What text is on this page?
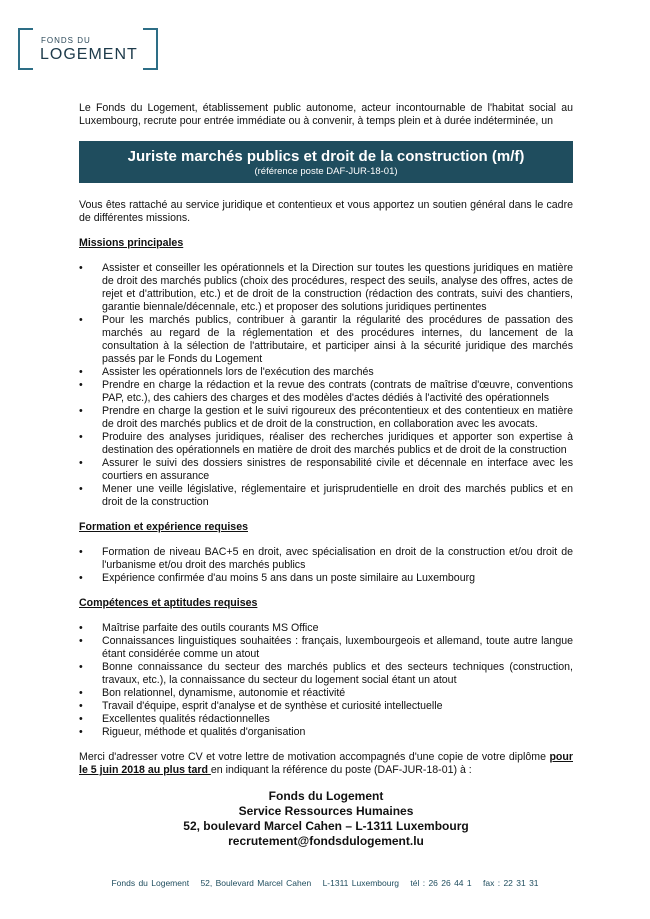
FONDS DU
LOGEMENT

Le Fonds du Logement, établissement public autonome, acteur incontournable de l'habitat social au Luxembourg, recrute pour entrée immédiate ou à convenir, à temps plein et à durée indéterminée, un

Juriste marchés publics et droit de la construction (m/f)
(référence poste DAF-JUR-18-01)

Vous êtes rattaché au service juridique et contentieux et vous apportez un soutien général dans le cadre de différentes missions.

Missions principales
• Assister et conseiller les opérationnels et la Direction sur toutes les questions juridiques en matière de droit des marchés publics (choix des procédures, respect des seuils, analyse des offres, actes de rejet et d'attribution, etc.) et de droit de la construction (rédaction des contrats, suivi des chantiers, garantie biennale/décennale, etc.) et proposer des solutions juridiques pertinentes
• Pour les marchés publics, contribuer à garantir la régularité des procédures de passation des marchés au regard de la réglementation et des procédures internes, du lancement de la consultation à la sélection de l'attributaire, et participer ainsi à la sécurité juridique des marchés passés par le Fonds du Logement
• Assister les opérationnels lors de l'exécution des marchés
• Prendre en charge la rédaction et la revue des contrats (contrats de maîtrise d'œuvre, conventions PAP, etc.), des cahiers des charges et des modèles d'actes dédiés à l'activité des opérationnels
• Prendre en charge la gestion et le suivi rigoureux des précontentieux et des contentieux en matière de droit des marchés publics et de droit de la construction, en collaboration avec les avocats.
• Produire des analyses juridiques, réaliser des recherches juridiques et apporter son expertise à destination des opérationnels en matière de droit des marchés publics et de droit de la construction
• Assurer le suivi des dossiers sinistres de responsabilité civile et décennale en interface avec les courtiers en assurance
• Mener une veille législative, réglementaire et jurisprudentielle en droit des marchés publics et en droit de la construction
Formation et expérience requises
• Formation de niveau BAC+5 en droit, avec spécialisation en droit de la construction et/ou droit de l'urbanisme et/ou droit des marchés publics
• Expérience confirmée d'au moins 5 ans dans un poste similaire au Luxembourg
Compétences et aptitudes requises
• Maîtrise parfaite des outils courants MS Office
• Connaissances linguistiques souhaitées : français, luxembourgeois et allemand, toute autre langue étant considérée comme un atout
• Bonne connaissance du secteur des marchés publics et des secteurs techniques (construction, travaux, etc.), la connaissance du secteur du logement social étant un atout
• Bon relationnel, dynamisme, autonomie et réactivité
• Travail d'équipe, esprit d'analyse et de synthèse et curiosité intellectuelle
• Excellentes qualités rédactionnelles
• Rigueur, méthode et qualités d'organisation

Merci d'adresser votre CV et votre lettre de motivation accompagnés d'une copie de votre diplôme pour le 5 juin 2018 au plus tard en indiquant la référence du poste (DAF-JUR-18-01) à :

Fonds du Logement
Service Ressources Humaines
52, boulevard Marcel Cahen – L-1311 Luxembourg
recrutement@fondsdulogement.lu
Fonds du Logement 52, Boulevard Marcel Cahen L-1311 Luxembourg tél : 26 26 44 1 fax : 22 31 31
